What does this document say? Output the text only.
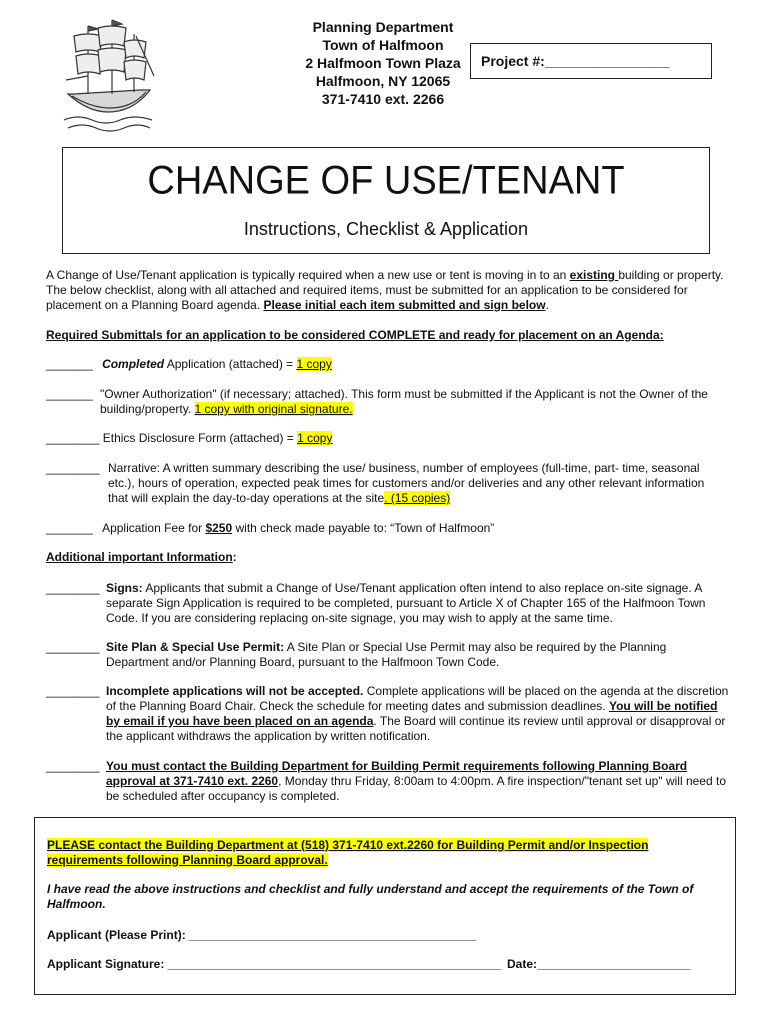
Planning Department
Town of Halfmoon
2 Halfmoon Town Plaza
Halfmoon, NY 12065
371-7410 ext. 2266
Project #:________________
CHANGE OF USE/TENANT
Instructions, Checklist & Application
A Change of Use/Tenant application is typically required when a new use or tent is moving in to an existing building or property. The below checklist, along with all attached and required items, must be submitted for an application to be considered for placement on a Planning Board agenda. Please initial each item submitted and sign below.
Required Submittals for an application to be considered COMPLETE and ready for placement on an Agenda:
_______ Completed Application (attached) = 1 copy
_______ "Owner Authorization" (if necessary; attached). This form must be submitted if the Applicant is not the Owner of the building/property. 1 copy with original signature.
________ Ethics Disclosure Form (attached) = 1 copy
________ Narrative: A written summary describing the use/ business, number of employees (full-time, part- time, seasonal etc.), hours of operation, expected peak times for customers and/or deliveries and any other relevant information that will explain the day-to-day operations at the site. (15 copies)
_______ Application Fee for $250 with check made payable to: “Town of Halfmoon”
Additional important Information:
________ Signs: Applicants that submit a Change of Use/Tenant application often intend to also replace on-site signage. A separate Sign Application is required to be completed, pursuant to Article X of Chapter 165 of the Halfmoon Town Code. If you are considering replacing on-site signage, you may wish to apply at the same time.
________ Site Plan & Special Use Permit: A Site Plan or Special Use Permit may also be required by the Planning Department and/or Planning Board, pursuant to the Halfmoon Town Code.
________ Incomplete applications will not be accepted. Complete applications will be placed on the agenda at the discretion of the Planning Board Chair. Check the schedule for meeting dates and submission deadlines. You will be notified by email if you have been placed on an agenda. The Board will continue its review until approval or disapproval or the applicant withdraws the application by written notification.
________ You must contact the Building Department for Building Permit requirements following Planning Board approval at 371-7410 ext. 2260, Monday thru Friday, 8:00am to 4:00pm. A fire inspection/"tenant set up" will need to be scheduled after occupancy is completed.
PLEASE contact the Building Department at (518) 371-7410 ext.2260 for Building Permit and/or Inspection requirements following Planning Board approval.
I have read the above instructions and checklist and fully understand and accept the requirements of the Town of Halfmoon.
Applicant (Please Print): ___________________________________________
Applicant Signature: __________________________________________________ Date:_______________________
